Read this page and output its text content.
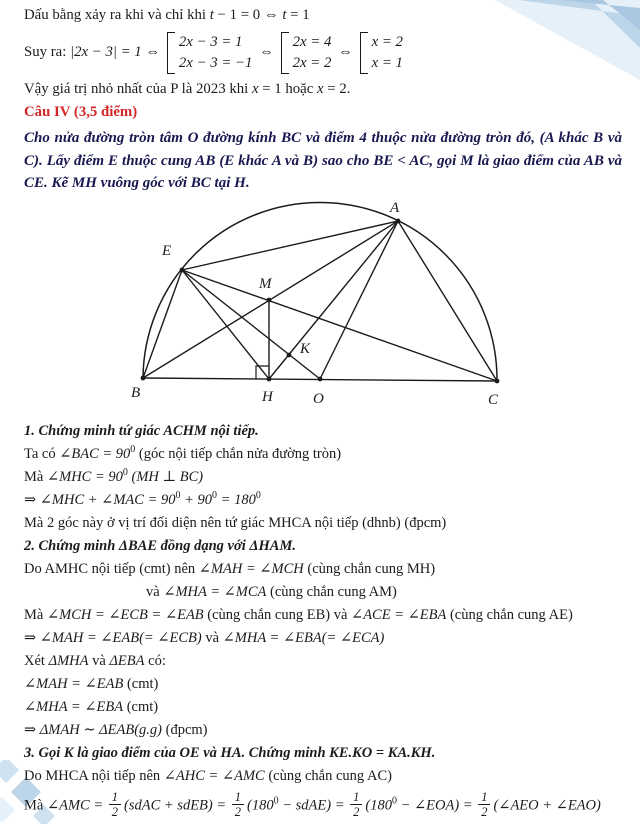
Dấu bằng xảy ra khi và chỉ khi t − 1 = 0 ⇔ t = 1
Suy ra: |2x − 3| = 1 ⇔
2x − 3 = 1
2x − 3 = −1
⇔
2x = 4
2x = 2
⇔
x = 2
x = 1
Vậy giá trị nhỏ nhất của P là 2023 khi x = 1 hoặc x = 2.
Câu IV (3,5 điểm)

Cho nửa đường tròn tâm O đường kính BC và điểm 4 thuộc nửa đường tròn đó, (A khác B và C). Lấy điểm E thuộc cung AB (E khác A và B) sao cho BE < AC, gọi M là giao điểm của AB và CE. Kẽ MH vuông góc với BC tại H.

A
E
M
K
B	H	O	C
1. Chứng minh tứ giác ACHM nội tiếp.
Ta có ∠BAC = $90^0$ (góc nội tiếp chắn nửa đường tròn)
Mà ∠MHC = $90^0$ (MH ⊥ BC)
⇒ ∠MHC + ∠MAC = $90^0 + 90^0 = 180^0$
Mà 2 góc này ở vị trí đối diện nên tứ giác MHCA nội tiếp (dhnb) (đpcm)
2. Chứng minh ΔBAE đồng dạng với ΔHAM.
Do AMHC nội tiếp (cmt) nên ∠MAH = ∠MCH (cùng chắn cung MH)
và ∠MHA = ∠MCA (cùng chắn cung AM)
Mà ∠MCH = ∠ECB = ∠EAB (cùng chắn cung EB) và ∠ACE = ∠EBA (cùng chắn cung AE)
⇒ ∠MAH = ∠EAB(= ∠ECB) và ∠MHA = ∠EBA(= ∠ECA)
Xét ΔMHA và ΔEBA có:
∠MAH = ∠EAB (cmt)
∠MHA = ∠EBA (cmt)
⇒ ΔMAH ∼ ΔEAB(g.g) (đpcm)
3. Gọi K là giao điểm của OE và HA. Chứng minh KE.KO = KA.KH.
Do MHCA nội tiếp nên ∠AHC = ∠AMC (cùng chắn cung AC)
Mà ∠AMC = $\frac{1}{2}$ (sdAC + sdEB) = $\frac{1}{2} (180^0$ − sdAE) = $\frac{1}{2} (180^0$ − ∠EOA) = $\frac{1}{2}$ (∠AEO + ∠EAO)
